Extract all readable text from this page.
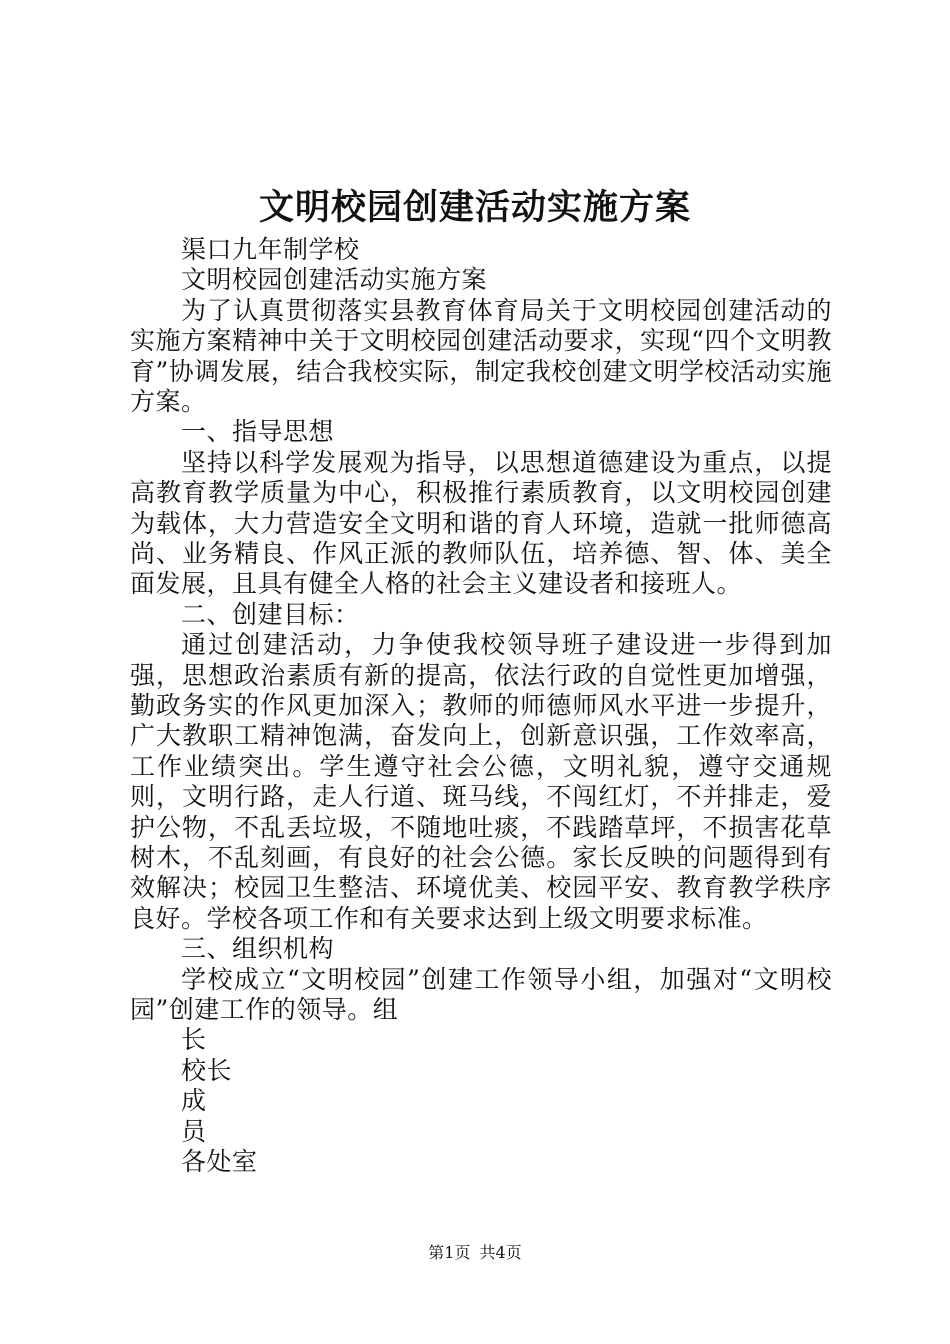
文明校园创建活动实施方案

渠口九年制学校

文明校园创建活动实施方案

为了认真贯彻落实县教育体育局关于文明校园创建活动的实施方案精神中关于文明校园创建活动要求，实现“四个文明教育”协调发展，结合我校实际，制定我校创建文明学校活动实施方案。

一、指导思想

坚持以科学发展观为指导，以思想道德建设为重点，以提高教育教学质量为中心，积极推行素质教育，以文明校园创建为载体，大力营造安全文明和谐的育人环境，造就一批师德高尚、业务精良、作风正派的教师队伍，培养德、智、体、美全面发展，且具有健全人格的社会主义建设者和接班人。

二、创建目标：

通过创建活动，力争使我校领导班子建设进一步得到加强，思想政治素质有新的提高，依法行政的自觉性更加增强，勤政务实的作风更加深入；教师的师德师风水平进一步提升，广大教职工精神饱满，奋发向上，创新意识强，工作效率高，工作业绩突出。学生遵守社会公德，文明礼貌，遵守交通规则，文明行路，走人行道、斑马线，不闯红灯，不并排走，爱护公物，不乱丢垃圾，不随地吐痰，不践踏草坪，不损害花草树木，不乱刻画，有良好的社会公德。家长反映的问题得到有效解决；校园卫生整洁、环境优美、校园平安、教育教学秩序良好。学校各项工作和有关要求达到上级文明要求标准。

三、组织机构

学校成立“文明校园”创建工作领导小组，加强对“文明校园”创建工作的领导。组

长

校长

成

员

各处室

第1页 共4页
